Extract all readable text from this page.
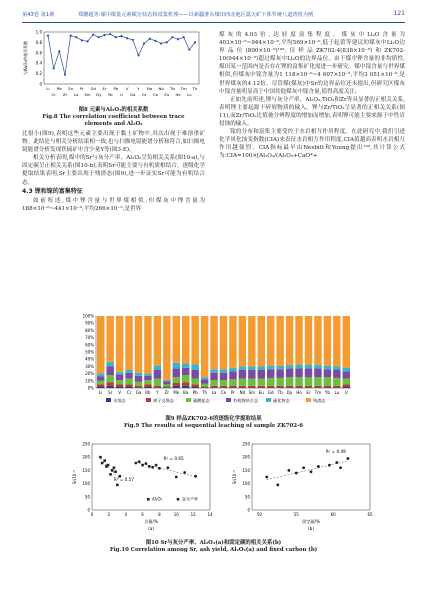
第43卷 第1期	郑鹏超等:煤中微量元素赋存状态和富集机理——以新疆准东煤田西北地区露天矿下侏罗统八道湾组为例	121
0
0.2
0.4
0.6
0.8
1.0
与Al₂O₃的相关系数
Li
Cr
Rb
Zr
Sn
La
Pr
Sm
Gd
Dy
Er
Yb
Pb
U
V
Ga
Y
Cs
Ba
Ce
Nd
Eu
Tb
Ho
Tm
Lu
Th
图8 元素与Al₂O₃的相关系数
Fig.8 The correlation coefficient between trace elements and Al₂O₃

比很小(图9),表明这些元素主要出现于黏土矿物中,其次出现于难溶重矿物。此结论与相关分析结果相一致,也与扫描电镜能谱分析和符合,如扫描电镜能谱分析发现铁硫矿中含少量Y等(图3-E)。

相关分析表明,煤中的Sr与灰分产率、Al₂O₃呈负相关关系(图10-a),与固定碳呈正相关关系(图10-b),表明Sr可能主要与有机质相结合。逐级化学提取结果表明,Sr主要出现于残渣态(图9),进一步证实Sr可能为有机结合态。

4.3 锂和镓的富集特征

如前所述,煤中锂含量与世界煤相似,但煤灰中锂含量为188×10⁻⁶~441×10⁻⁶,平均266×10⁻⁶,是世界

煤灰的4.03倍,达轻度富集程度。煤灰中Li₂O含量为403×10⁻⁶~944×10⁻⁶,平均569×10⁻⁶,低于起蕾等建议的煤灰中Li₂O边界品位(800×10⁻⁶)¹⁰⁹,仅样品ZK702-4(838×10⁻⁶)和ZK702-10(944×10⁻⁶)超过煤灰中Li₂O的边界品位。由于煤中锂含量的非均质性,煤田某一范围内是否存在锂的富集矿化需进一步研究。煤中镓含量与世界煤相似,但煤灰中镓含量为1 118×10⁻⁶~4 607×10⁻⁶,平均3 051×10⁻⁶,是世界煤灰的4.12倍。尽管煤(煤灰)中Sr的边界品位还未提出,但研究区煤灰中镓含量明显高于中国其他煤灰中镓含量,值得高度关注。

正如先前所述,锂与灰分产率、Al₂O₃,TiO₂和Zr等具显著的正相关关系,表明锂主要起源于碎屑物质的输入。锂与Zr/TiO₂呈显著的正相关关系(图11),而Zr/TiO₂比值被分辨程度的增加而增加,表明锂可能主要来源于中性岩侵蚀的输入。

镓的分布和富集主要受控于水岩相互作用程度。在此研究中,我们引进化学风化蚀变指数(CIA)来表征水岩相互作用程度,CIA值越高表明水岩相互作用越强烈。CIA指标最早由Nesbitt和Young提出¹⁰⁰,其计算公式为:CIA=100×[Al₂O₃/(Al₂O₃+CaO*+

0%
10%
20%
30%
40%
50%
60%
70%
80%
90%
100%
Li Sr V Cr Ga Rb Y Zr Mo Ba Pb Th La Ce Pr Nd Sm Eu Gd Tb Dy Ho Er Tm Yb Lu U
水溶态	离子交换态	碳酸盐态	有机物结合态	硫化物态	残渣态
图9 样品ZK702-6的逐级化学提取结果
Fig.9 The results of sequential leaching of sample ZK702-6
0
50
100
150
200
250
0	2	4	6	8	10	12	14
Sr/10⁻⁶
含量/%
(a)
R² = 0.65
R² = 0.57
Al₂O₃	灰分产率
0
50
100
150
200
250
50	55	60	65
Sr/10⁻⁶
固定碳/%
(b)
R² = 0.49
图10 Sr与灰分产率、Al₂O₃(a)和固定碳的相关关系(b)
Fig.10 Correlation among Sr, ash yield, Al₂O₃(a) and fixed carbon (b)
